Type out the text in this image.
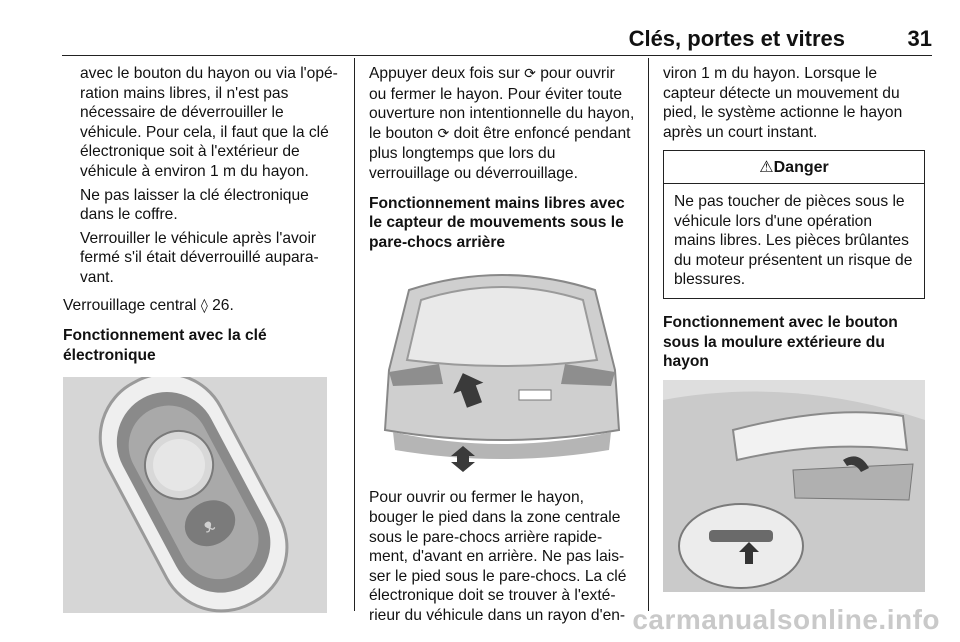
Clés, portes et vitres	31

avec le bouton du hayon ou via l'opé-ration mains libres, il n'est pas nécessaire de déverrouiller le véhicule. Pour cela, il faut que la clé électronique soit à l'extérieur de véhicule à environ 1 m du hayon.

Ne pas laisser la clé électronique dans le coffre.

Verrouiller le véhicule après l'avoir fermé s'il était déverrouillé aupara-vant.

Verrouillage central ◊ 26.

Fonctionnement avec la clé électronique

ᴥ

Appuyer deux fois sur ⟳ pour ouvrir ou fermer le hayon. Pour éviter toute ouverture non intentionnelle du hayon, le bouton ⟳ doit être enfoncé pendant plus longtemps que lors du verrouillage ou déverrouillage.

Fonctionnement mains libres avec le capteur de mouvements sous le pare-chocs arrière

Pour ouvrir ou fermer le hayon, bouger le pied dans la zone centrale sous le pare-chocs arrière rapide-ment, d'avant en arrière. Ne pas lais-ser le pied sous le pare-chocs. La clé électronique doit se trouver à l'exté-rieur du véhicule dans un rayon d'en-

viron 1 m du hayon. Lorsque le capteur détecte un mouvement du pied, le système actionne le hayon après un court instant.

⚠Danger
Ne pas toucher de pièces sous le véhicule lors d'une opération mains libres. Les pièces brûlantes du moteur présentent un risque de blessures.

Fonctionnement avec le bouton sous la moulure extérieure du hayon

carmanualsonline.info
